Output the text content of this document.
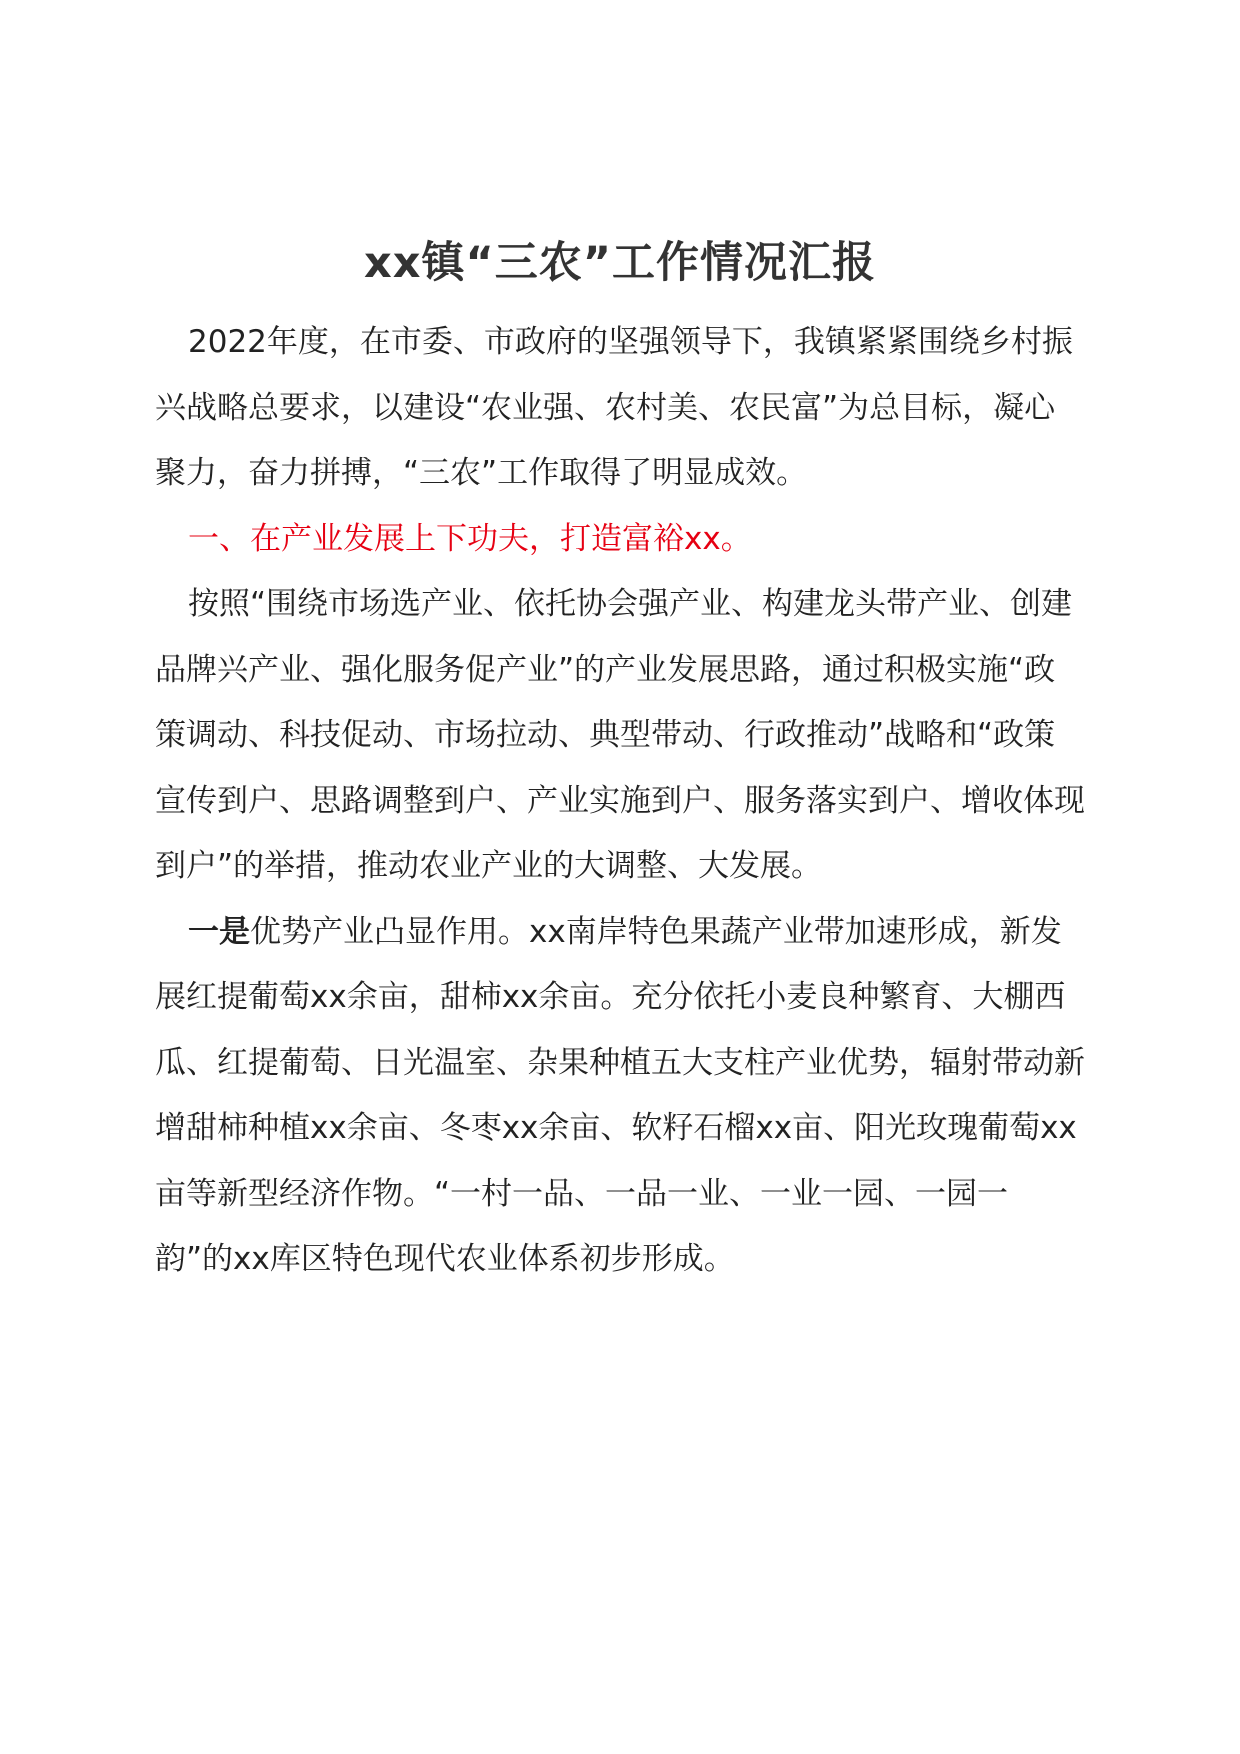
xx镇“三农”工作情况汇报

2022年度，在市委、市政府的坚强领导下，我镇紧紧围绕乡村振兴战略总要求，以建设“农业强、农村美、农民富”为总目标，凝心聚力，奋力拼搏，“三农”工作取得了明显成效。

一、在产业发展上下功夫，打造富裕xx。

按照“围绕市场选产业、依托协会强产业、构建龙头带产业、创建品牌兴产业、强化服务促产业”的产业发展思路，通过积极实施“政策调动、科技促动、市场拉动、典型带动、行政推动”战略和“政策宣传到户、思路调整到户、产业实施到户、服务落实到户、增收体现到户”的举措，推动农业产业的大调整、大发展。

一是优势产业凸显作用。xx南岸特色果蔬产业带加速形成，新发展红提葡萄xx余亩，甜柿xx余亩。充分依托小麦良种繁育、大棚西瓜、红提葡萄、日光温室、杂果种植五大支柱产业优势，辐射带动新增甜柿种植xx余亩、冬枣xx余亩、软籽石榴xx亩、阳光玫瑰葡萄xx亩等新型经济作物。“一村一品、一品一业、一业一园、一园一韵”的xx库区特色现代农业体系初步形成。
